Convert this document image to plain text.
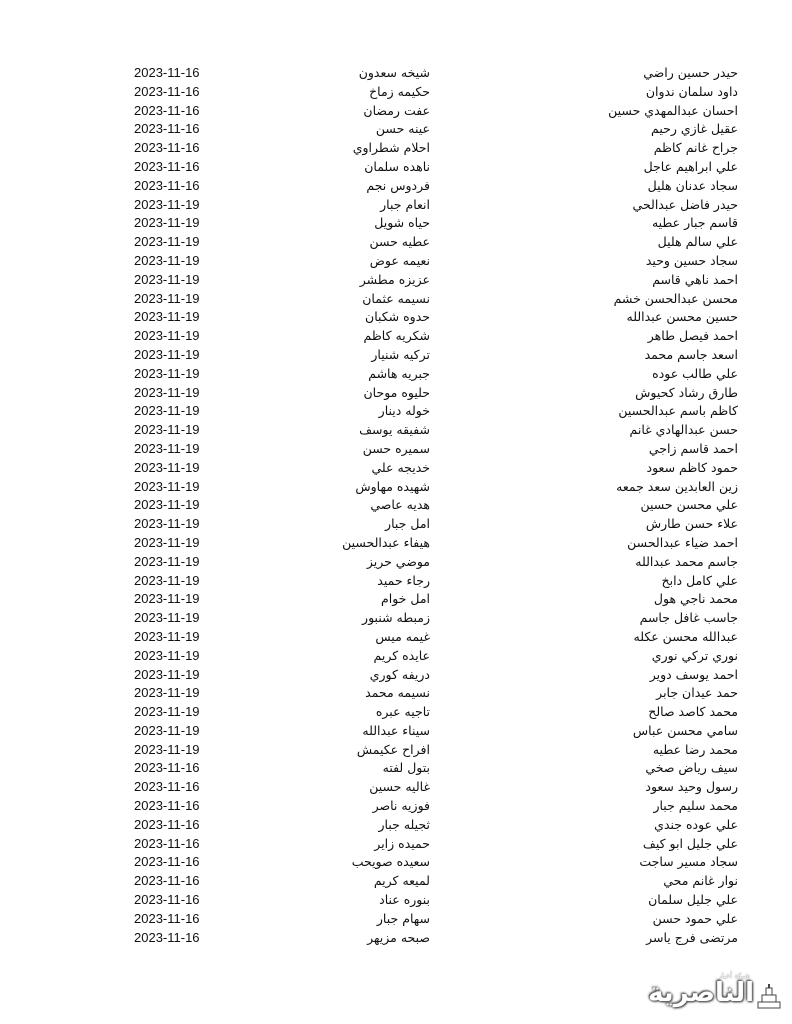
حيدر حسين راضي
شيخه سعدون
2023-11-16
داود سلمان ندوان
حكيمه زماخ
2023-11-16
احسان عبدالمهدي حسين
عفت رمضان
2023-11-16
عقيل غازي رحيم
عينه حسن
2023-11-16
جراح غانم كاظم
احلام شطراوي
2023-11-16
علي ابراهيم عاجل
ناهده سلمان
2023-11-16
سجاد عدنان هليل
فردوس نجم
2023-11-16
حيدر فاضل عبدالحي
انعام جبار
2023-11-19
قاسم جبار عطيه
حياه شويل
2023-11-19
علي سالم هليل
عطيه حسن
2023-11-19
سجاد حسين وحيد
نعيمه عوض
2023-11-19
احمد ناهي قاسم
عزيزه مطشر
2023-11-19
محسن عبدالحسن خشم
نسيمه عثمان
2023-11-19
حسين محسن عبدالله
حدوه شكبان
2023-11-19
احمد فيصل طاهر
شكريه كاظم
2023-11-19
اسعد جاسم محمد
تركيه شنيار
2023-11-19
علي طالب عوده
جبريه هاشم
2023-11-19
طارق رشاد كحيوش
حليوه موحان
2023-11-19
كاظم باسم عبدالحسين
خوله دينار
2023-11-19
حسن عبدالهادي غانم
شفيقه يوسف
2023-11-19
احمد قاسم زاجي
سميره حسن
2023-11-19
حمود كاظم سعود
خديجه علي
2023-11-19
زين العابدين سعد جمعه
شهيده مهاوش
2023-11-19
علي محسن حسين
هديه عاصي
2023-11-19
علاء حسن طارش
امل جبار
2023-11-19
احمد ضياء عبدالحسن
هيفاء عبدالحسين
2023-11-19
جاسم محمد عبدالله
موضي حريز
2023-11-19
علي كامل دابخ
رجاء حميد
2023-11-19
محمد ناجي هول
امل خوام
2023-11-19
جاسب غافل جاسم
زمبطه شنبور
2023-11-19
عبدالله محسن عكله
غيمه ميس
2023-11-19
نوري تركي نوري
عايده كريم
2023-11-19
احمد يوسف دوير
دريفه كوري
2023-11-19
حمد عيدان جابر
نسيمه محمد
2023-11-19
محمد كاصد صالح
تاجيه عبره
2023-11-19
سامي محسن عباس
سيناء عبدالله
2023-11-19
محمد رضا عطيه
افراح عكيمش
2023-11-19
سيف رياض صخي
بتول لفته
2023-11-16
رسول وحيد سعود
غاليه حسين
2023-11-16
محمد سليم جبار
فوزيه ناصر
2023-11-16
علي عوده جندي
ثجيله جبار
2023-11-16
علي جليل ابو كيف
حميده زاير
2023-11-16
سجاد مسير ساجت
سعيده صويحب
2023-11-16
نوار غانم محي
لميعه كريم
2023-11-16
علي جليل سلمان
بنوره عناد
2023-11-16
علي حمود حسن
سهام جبار
2023-11-16
مرتضى فرج ياسر
صبحه مزيهر
2023-11-16
شبكة أخبار
الناصرية
